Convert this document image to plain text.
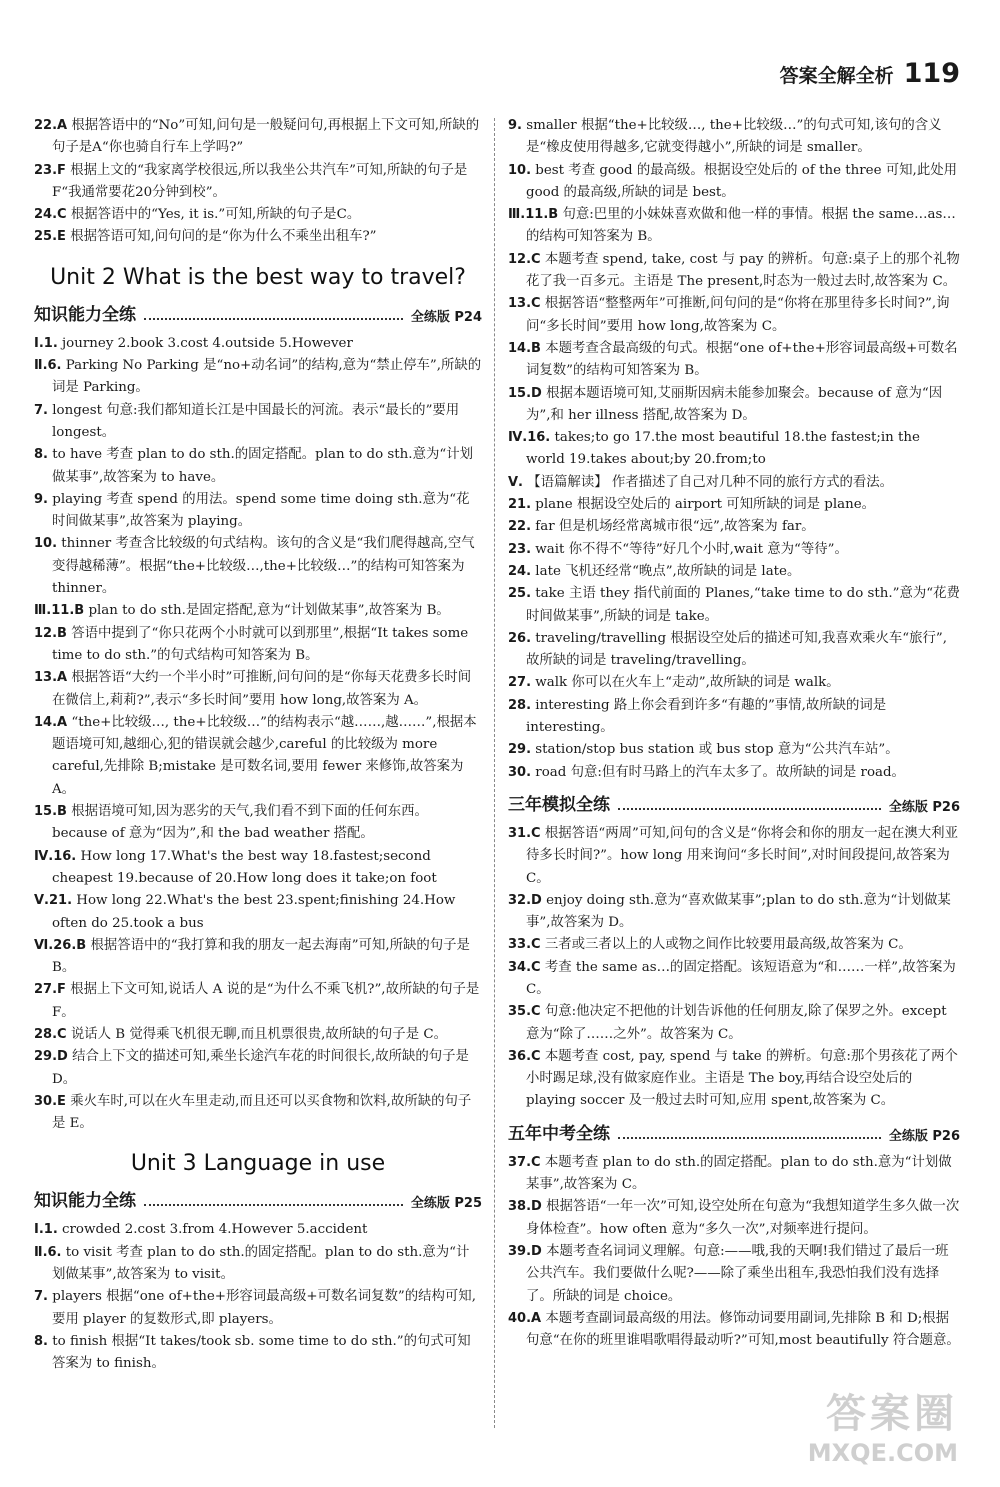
答案全解全析 119

22.A 根据答语中的“No”可知,问句是一般疑问句,再根据上下文可知,所缺的句子是A“你也骑自行车上学吗?”

23.F 根据上文的“我家离学校很远,所以我坐公共汽车”可知,所缺的句子是F“我通常要花20分钟到校”。

24.C 根据答语中的“Yes, it is.”可知,所缺的句子是C。

25.E 根据答语可知,问句问的是“你为什么不乘坐出租车?”

Unit 2 What is the best way to travel?
知识能力全练	全练版 P24

Ⅰ.1. journey 2.book 3.cost 4.outside 5.However

Ⅱ.6. Parking No Parking 是“no+动名词”的结构,意为“禁止停车”,所缺的词是 Parking。

7. longest 句意:我们都知道长江是中国最长的河流。表示“最长的”要用 longest。

8. to have 考查 plan to do sth.的固定搭配。plan to do sth.意为“计划做某事”,故答案为 to have。

9. playing 考查 spend 的用法。spend some time doing sth.意为“花时间做某事”,故答案为 playing。

10. thinner 考查含比较级的句式结构。该句的含义是“我们爬得越高,空气变得越稀薄”。根据“the+比较级…,the+比较级…”的结构可知答案为 thinner。

Ⅲ.11.B plan to do sth.是固定搭配,意为“计划做某事”,故答案为 B。

12.B 答语中提到了“你只花两个小时就可以到那里”,根据“It takes some time to do sth.”的句式结构可知答案为 B。

13.A 根据答语“大约一个半小时”可推断,问句问的是“你每天花费多长时间在微信上,莉莉?”,表示“多长时间”要用 how long,故答案为 A。

14.A “the+比较级…, the+比较级…”的结构表示“越……,越……”,根据本题语境可知,越细心,犯的错误就会越少,careful 的比较级为 more careful,先排除 B;mistake 是可数名词,要用 fewer 来修饰,故答案为 A。

15.B 根据语境可知,因为恶劣的天气,我们看不到下面的任何东西。because of 意为“因为”,和 the bad weather 搭配。

Ⅳ.16. How long 17.What's the best way 18.fastest;second cheapest 19.because of 20.How long does it take;on foot

Ⅴ.21. How long 22.What's the best 23.spent;finishing 24.How often do 25.took a bus

Ⅵ.26.B 根据答语中的“我打算和我的朋友一起去海南”可知,所缺的句子是 B。

27.F 根据上下文可知,说话人 A 说的是“为什么不乘飞机?”,故所缺的句子是 F。

28.C 说话人 B 觉得乘飞机很无聊,而且机票很贵,故所缺的句子是 C。

29.D 结合上下文的描述可知,乘坐长途汽车花的时间很长,故所缺的句子是 D。

30.E 乘火车时,可以在火车里走动,而且还可以买食物和饮料,故所缺的句子是 E。

Unit 3 Language in use
知识能力全练	全练版 P25

Ⅰ.1. crowded 2.cost 3.from 4.However 5.accident

Ⅱ.6. to visit 考查 plan to do sth.的固定搭配。plan to do sth.意为“计划做某事”,故答案为 to visit。

7. players 根据“one of+the+形容词最高级+可数名词复数”的结构可知,要用 player 的复数形式,即 players。

8. to finish 根据“It takes/took sb. some time to do sth.”的句式可知答案为 to finish。

9. smaller 根据“the+比较级…, the+比较级…”的句式可知,该句的含义是“橡皮使用得越多,它就变得越小”,所缺的词是 smaller。

10. best 考查 good 的最高级。根据设空处后的 of the three 可知,此处用 good 的最高级,所缺的词是 best。

Ⅲ.11.B 句意:巴里的小妹妹喜欢做和他一样的事情。根据 the same…as…的结构可知答案为 B。

12.C 本题考查 spend, take, cost 与 pay 的辨析。句意:桌子上的那个礼物花了我一百多元。主语是 The present,时态为一般过去时,故答案为 C。

13.C 根据答语“整整两年”可推断,问句问的是“你将在那里待多长时间?”,询问“多长时间”要用 how long,故答案为 C。

14.B 本题考查含最高级的句式。根据“one of+the+形容词最高级+可数名词复数”的结构可知答案为 B。

15.D 根据本题语境可知,艾丽斯因病未能参加聚会。because of 意为“因为”,和 her illness 搭配,故答案为 D。

Ⅳ.16. takes;to go 17.the most beautiful 18.the fastest;in the world 19.takes about;by 20.from;to

Ⅴ. 【语篇解读】 作者描述了自己对几种不同的旅行方式的看法。

21. plane 根据设空处后的 airport 可知所缺的词是 plane。

22. far 但是机场经常离城市很“远”,故答案为 far。

23. wait 你不得不“等待”好几个小时,wait 意为“等待”。

24. late 飞机还经常“晚点”,故所缺的词是 late。

25. take 主语 they 指代前面的 Planes,“take time to do sth.”意为“花费时间做某事”,所缺的词是 take。

26. traveling/travelling 根据设空处后的描述可知,我喜欢乘火车“旅行”,故所缺的词是 traveling/travelling。

27. walk 你可以在火车上“走动”,故所缺的词是 walk。

28. interesting 路上你会看到许多“有趣的”事情,故所缺的词是 interesting。

29. station/stop bus station 或 bus stop 意为“公共汽车站”。

30. road 句意:但有时马路上的汽车太多了。故所缺的词是 road。

三年模拟全练	全练版 P26

31.C 根据答语“两周”可知,问句的含义是“你将会和你的朋友一起在澳大利亚待多长时间?”。how long 用来询问“多长时间”,对时间段提问,故答案为 C。

32.D enjoy doing sth.意为“喜欢做某事”;plan to do sth.意为“计划做某事”,故答案为 D。

33.C 三者或三者以上的人或物之间作比较要用最高级,故答案为 C。

34.C 考查 the same as…的固定搭配。该短语意为“和……一样”,故答案为 C。

35.C 句意:他决定不把他的计划告诉他的任何朋友,除了保罗之外。except 意为“除了……之外”。故答案为 C。

36.C 本题考查 cost, pay, spend 与 take 的辨析。句意:那个男孩花了两个小时踢足球,没有做家庭作业。主语是 The boy,再结合设空处后的 playing soccer 及一般过去时可知,应用 spent,故答案为 C。

五年中考全练	全练版 P26

37.C 本题考查 plan to do sth.的固定搭配。plan to do sth.意为“计划做某事”,故答案为 C。

38.D 根据答语“一年一次”可知,设空处所在句意为“我想知道学生多久做一次身体检查”。how often 意为“多久一次”,对频率进行提问。

39.D 本题考查名词词义理解。句意:——哦,我的天啊!我们错过了最后一班公共汽车。我们要做什么呢?——除了乘坐出租车,我恐怕我们没有选择了。所缺的词是 choice。

40.A 本题考查副词最高级的用法。修饰动词要用副词,先排除 B 和 D;根据句意“在你的班里谁唱歌唱得最动听?”可知,most beautifully 符合题意。

答案圈
MXQE.COM
